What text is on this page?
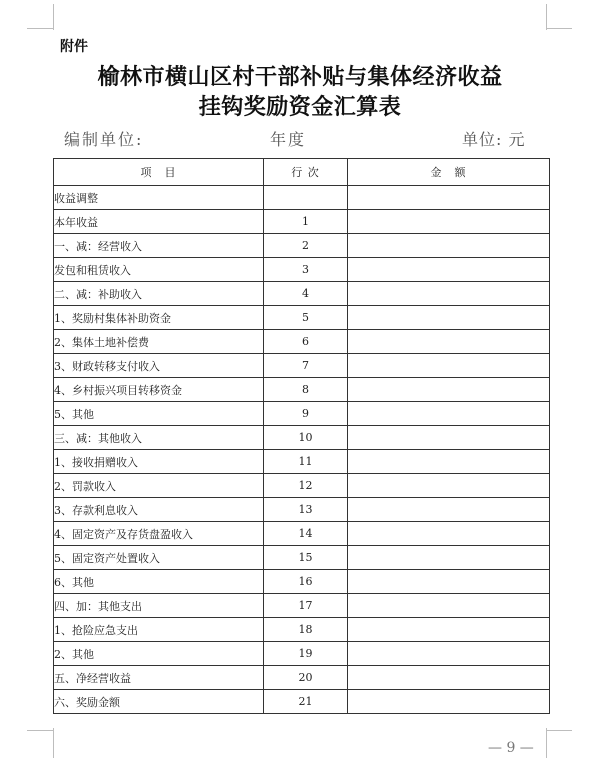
附件
榆林市横山区村干部补贴与集体经济收益
挂钩奖励资金汇算表
编制单位:	年度	单位: 元
项　目	行 次	金　额
收益调整		
本年收益	1	
一、减：经营收入	2	
发包和租赁收入	3	
二、减：补助收入	4	
1、奖励村集体补助资金	5	
2、集体土地补偿费	6	
3、财政转移支付收入	7	
4、乡村振兴项目转移资金	8	
5、其他	9	
三、减：其他收入	10	
1、接收捐赠收入	11	
2、罚款收入	12	
3、存款利息收入	13	
4、固定资产及存货盘盈收入	14	
5、固定资产处置收入	15	
6、其他	16	
四、加：其他支出	17	
1、抢险应急支出	18	
2、其他	19	
五、净经营收益	20	
六、奖励金额	21	
— 9 —
